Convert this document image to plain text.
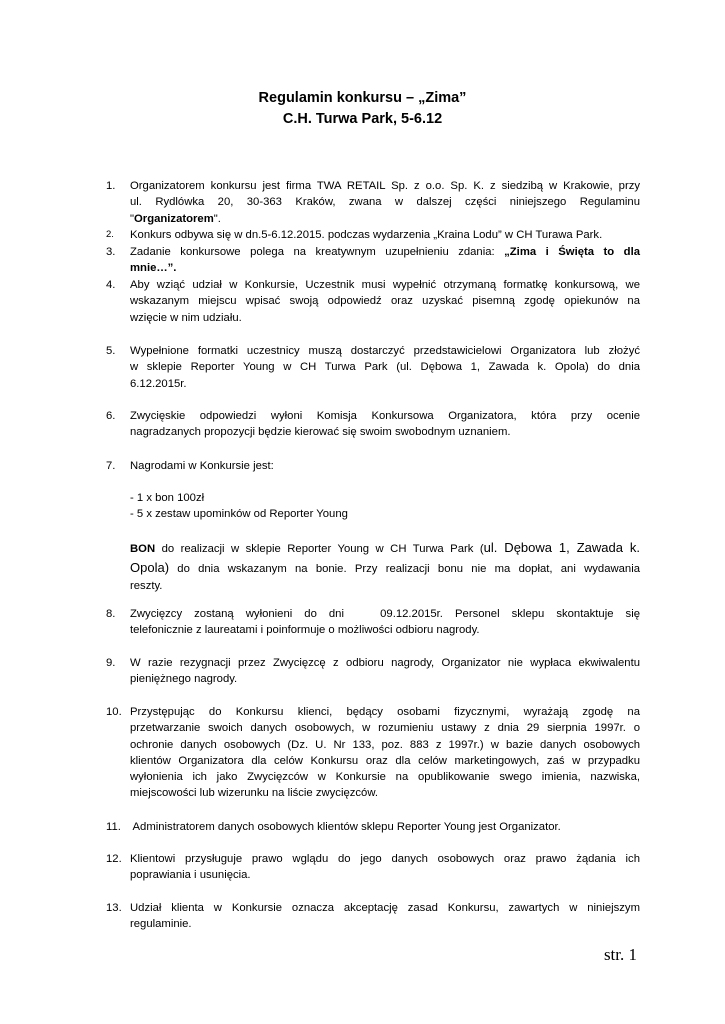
Regulamin konkursu – „Zima”
C.H. Turwa Park, 5-6.12
1.	Organizatorem konkursu jest firma TWA RETAIL Sp. z o.o. Sp. K. z siedzibą w Krakowie, przy
ul. Rydlówka 20, 30-363 Kraków, zwana w dalszej części niniejszego Regulaminu
"Organizatorem".
2.	Konkurs odbywa się w dn.5-6.12.2015. podczas wydarzenia „Kraina Lodu” w CH Turawa Park.
3.	Zadanie konkursowe polega na kreatywnym uzupełnieniu zdania: „Zima i Święta to dla
mnie…”.
4.	Aby wziąć udział w Konkursie, Uczestnik musi wypełnić otrzymaną formatkę konkursową, we
wskazanym miejscu wpisać swoją odpowiedź oraz uzyskać pisemną zgodę opiekunów na
wzięcie w nim udziału.
5.	Wypełnione formatki uczestnicy muszą dostarczyć przedstawicielowi Organizatora lub złożyć
w sklepie Reporter Young w CH Turwa Park (ul. Dębowa 1, Zawada k. Opola) do dnia
6.12.2015r.
6.	Zwycięskie odpowiedzi wyłoni Komisja Konkursowa Organizatora, która przy ocenie
nagradzanych propozycji będzie kierować się swoim swobodnym uznaniem.
7.	Nagrodami w Konkursie jest:
- 1 x bon 100zł
- 5 x zestaw upominków od Reporter Young
BON do realizacji w sklepie Reporter Young w CH Turwa Park (ul. Dębowa 1, Zawada k.
Opola) do dnia wskazanym na bonie. Przy realizacji bonu nie ma dopłat, ani wydawania
reszty.
8.	Zwycięzcy zostaną wyłonieni do dni   09.12.2015r. Personel sklepu skontaktuje się
telefonicznie z laureatami i poinformuje o możliwości odbioru nagrody.
9.	W razie rezygnacji przez Zwycięzcę z odbioru nagrody, Organizator nie wypłaca ekwiwalentu
pieniężnego nagrody.
10. Przystępując do Konkursu klienci, będący osobami fizycznymi, wyrażają zgodę na
przetwarzanie swoich danych osobowych, w rozumieniu ustawy z dnia 29 sierpnia 1997r. o
ochronie danych osobowych (Dz. U. Nr 133, poz. 883 z 1997r.) w bazie danych osobowych
klientów Organizatora dla celów Konkursu oraz dla celów marketingowych, zaś w przypadku
wyłonienia ich jako Zwycięzców w Konkursie na opublikowanie swego imienia, nazwiska,
miejscowości lub wizerunku na liście zwycięzców.
11. Administratorem danych osobowych klientów sklepu Reporter Young jest Organizator.
12. Klientowi przysługuje prawo wglądu do jego danych osobowych oraz prawo żądania ich
poprawiania i usunięcia.
13. Udział klienta w Konkursie oznacza akceptację zasad Konkursu, zawartych w niniejszym
regulaminie.
str. 1
